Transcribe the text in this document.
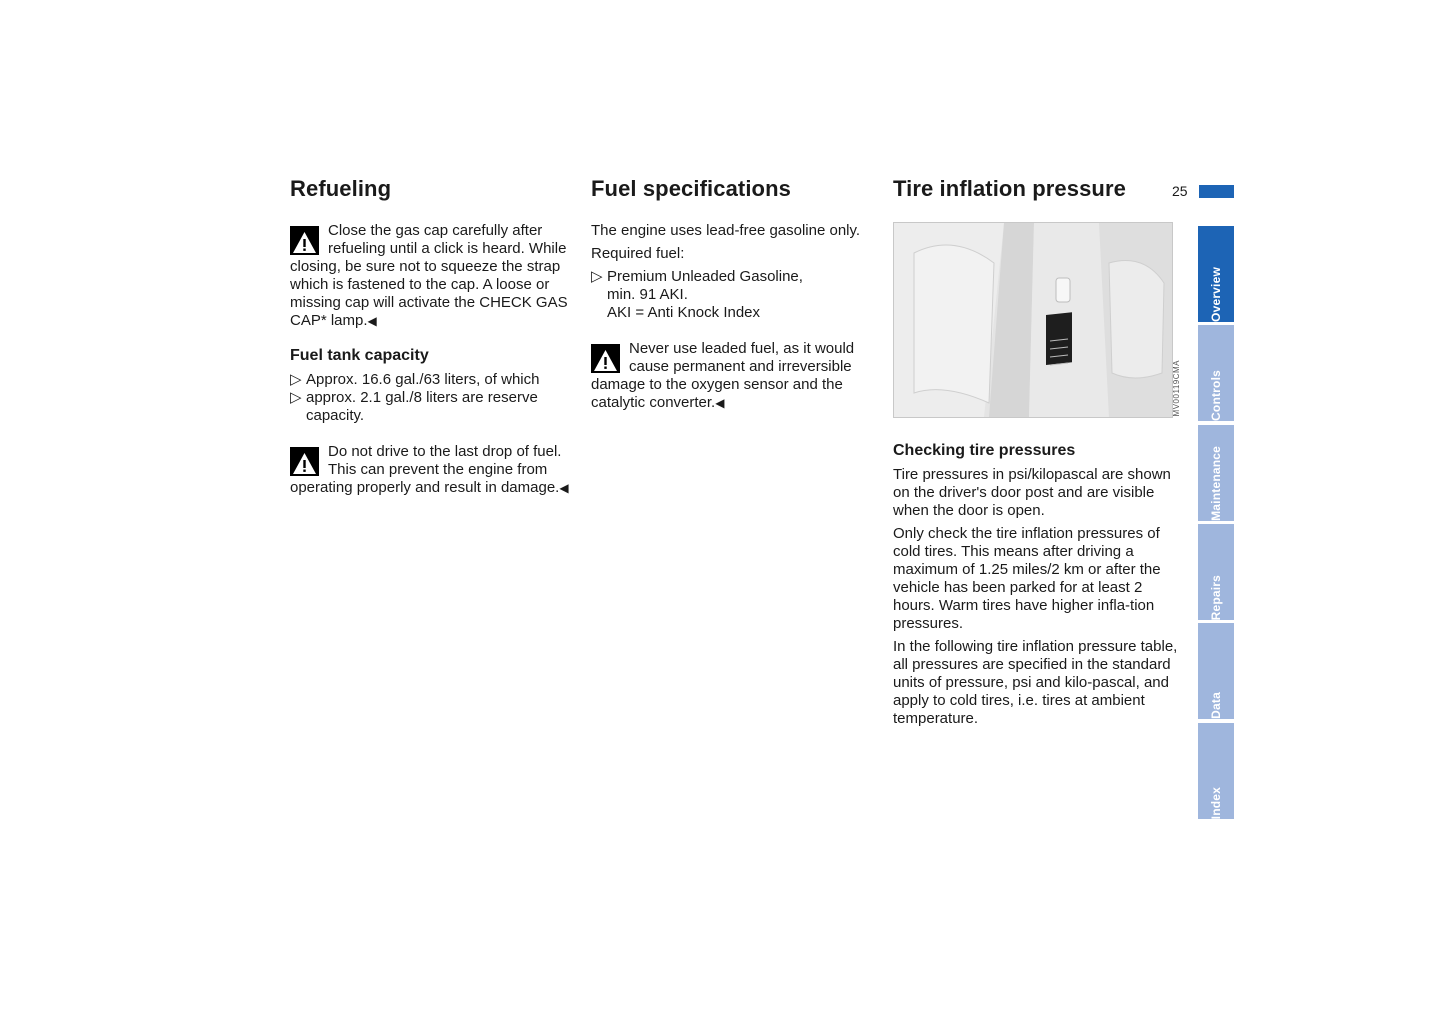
Refueling

Close the gas cap carefully after refueling until a click is heard. While closing, be sure not to squeeze the strap which is fastened to the cap. A loose or missing cap will activate the CHECK GAS CAP* lamp.◀

Fuel tank capacity

▷ Approx. 16.6 gal./63 liters, of which

▷ approx. 2.1 gal./8 liters are reserve capacity.

Do not drive to the last drop of fuel. This can prevent the engine from operating properly and result in damage.◀

Fuel specifications

The engine uses lead-free gasoline only.

Required fuel:

▷ Premium Unleaded Gasoline,
min. 91 AKI.
AKI = Anti Knock Index

Never use leaded fuel, as it would cause permanent and irreversible damage to the oxygen sensor and the catalytic converter.◀

Tire inflation pressure
Checking tire pressures

Tire pressures in psi/kilopascal are shown on the driver's door post and are visible when the door is open.

Only check the tire inflation pressures of cold tires. This means after driving a maximum of 1.25 miles/2 km or after the vehicle has been parked for at least 2 hours. Warm tires have higher infla-tion pressures.

In the following tire inflation pressure table, all pressures are specified in the standard units of pressure, psi and kilo-pascal, and apply to cold tires, i.e. tires at ambient temperature.

MV00119CMA
25
Overview
Controls
Maintenance
Repairs
Data
Index
